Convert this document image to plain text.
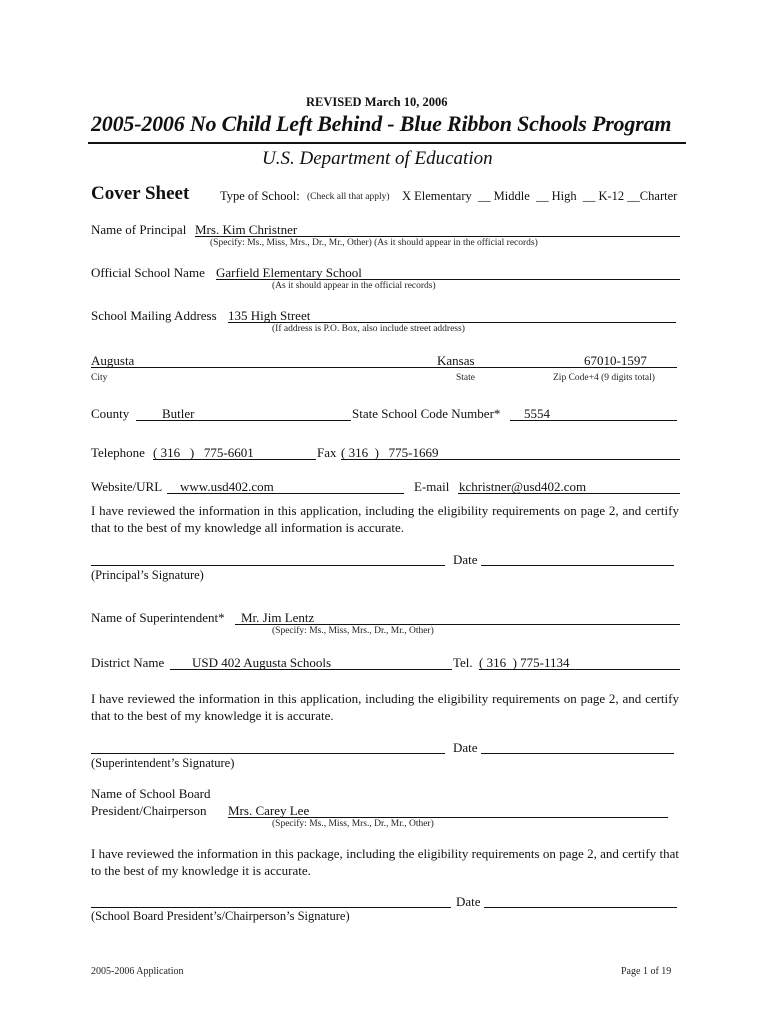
REVISED March 10, 2006
2005-2006 No Child Left Behind - Blue Ribbon Schools Program
U.S. Department of Education
Cover Sheet Type of School: (Check all that apply) X Elementary  __ Middle  __ High  __ K-12 __Charter
Name of Principal Mrs. Kim Christner
(Specify: Ms., Miss, Mrs., Dr., Mr., Other) (As it should appear in the official records)
Official School Name Garfield Elementary School
(As it should appear in the official records)
School Mailing Address 135 High Street
(If address is P.O. Box, also include street address)
Augusta	Kansas	67010-1597
City	State	Zip Code+4 (9 digits total)
County	Butler	State School Code Number* 5554
Telephone ( 316   )   775-6601	Fax ( 316  )   775-1669
Website/URL www.usd402.com	E-mail kchristner@usd402.com
I have reviewed the information in this application, including the eligibility requirements on page 2, and certify that to the best of my knowledge all information is accurate.
Date
(Principal’s Signature)
Name of Superintendent* Mr. Jim Lentz
(Specify: Ms., Miss, Mrs., Dr., Mr., Other)
District Name USD 402 Augusta Schools	Tel. ( 316  ) 775-1134
I have reviewed the information in this application, including the eligibility requirements on page 2, and certify that to the best of my knowledge it is accurate.
Date
(Superintendent’s Signature)
Name of School Board
President/Chairperson Mrs. Carey Lee
(Specify: Ms., Miss, Mrs., Dr., Mr., Other)
I have reviewed the information in this package, including the eligibility requirements on page 2, and certify that to the best of my knowledge it is accurate.
Date
(School Board President’s/Chairperson’s Signature)
2005-2006 Application	Page 1 of 19
